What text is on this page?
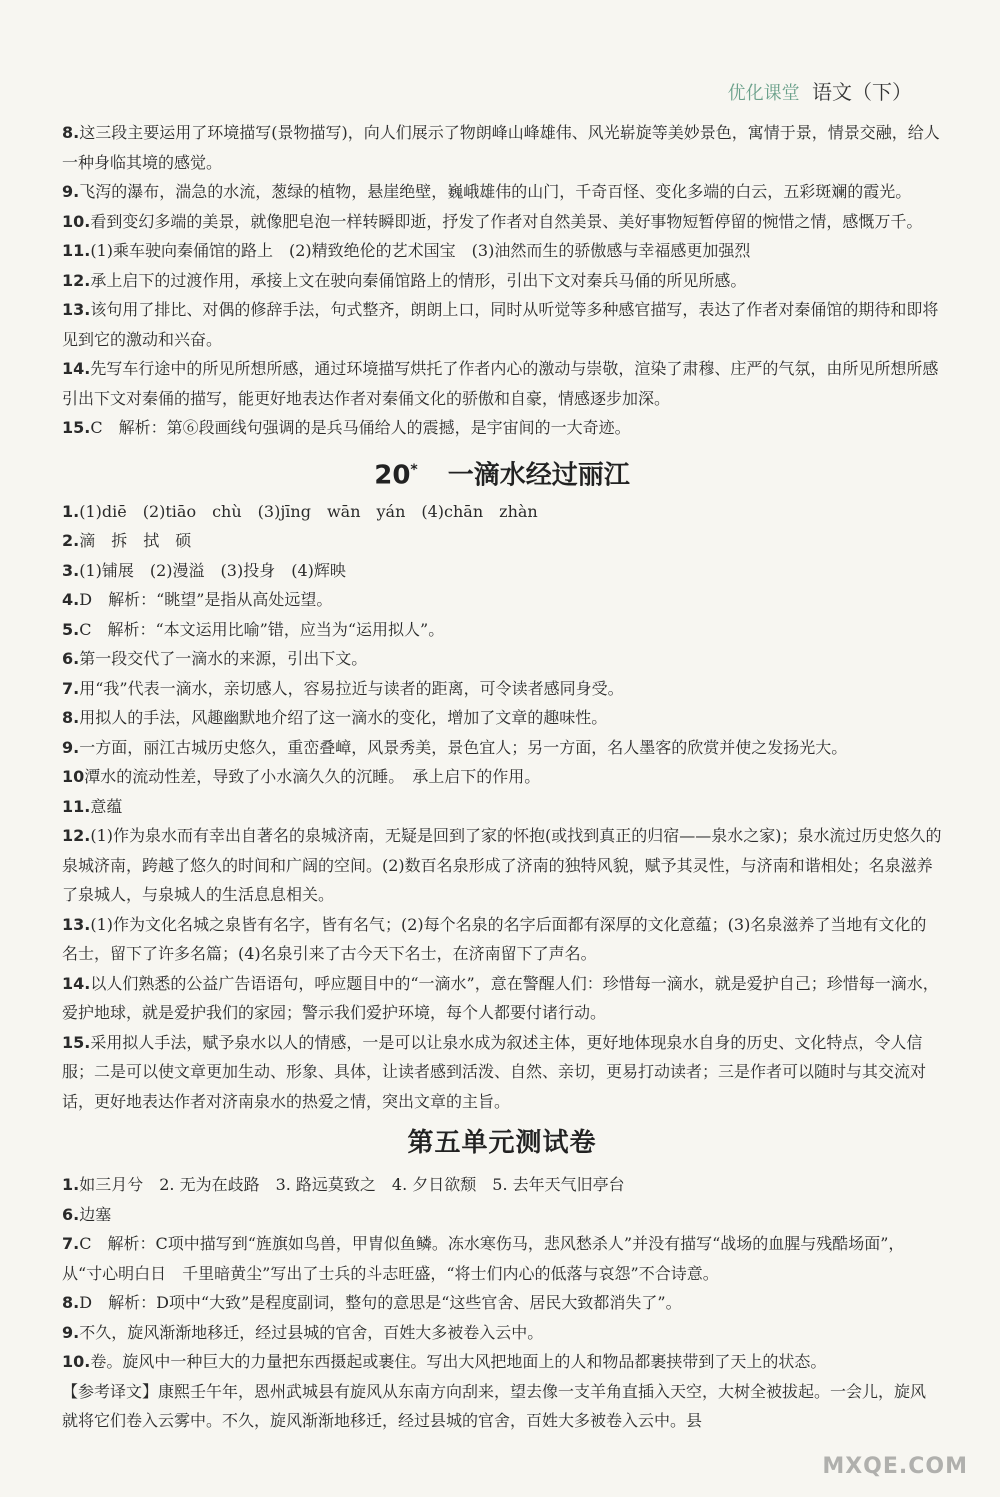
优化课堂 语文（下）

8.这三段主要运用了环境描写(景物描写)，向人们展示了物朗峰山峰雄伟、风光崭旋等美妙景色，寓情于景，情景交融，给人一种身临其境的感觉。

9.飞泻的瀑布，湍急的水流，葱绿的植物，悬崖绝壁，巍峨雄伟的山门，千奇百怪、变化多端的白云，五彩斑斓的霞光。

10.看到变幻多端的美景，就像肥皂泡一样转瞬即逝，抒发了作者对自然美景、美好事物短暂停留的惋惜之情，感慨万千。

11.(1)乘车驶向秦俑馆的路上　(2)精致绝伦的艺术国宝　(3)油然而生的骄傲感与幸福感更加强烈

12.承上启下的过渡作用，承接上文在驶向秦俑馆路上的情形，引出下文对秦兵马俑的所见所感。

13.该句用了排比、对偶的修辞手法，句式整齐，朗朗上口，同时从听觉等多种感官描写，表达了作者对秦俑馆的期待和即将见到它的激动和兴奋。

14.先写车行途中的所见所想所感，通过环境描写烘托了作者内心的激动与崇敬，渲染了肃穆、庄严的气氛，由所见所想所感引出下文对秦俑的描写，能更好地表达作者对秦俑文化的骄傲和自豪，情感逐步加深。

15.C　解析：第⑥段画线句强调的是兵马俑给人的震撼，是宇宙间的一大奇迹。

20* 一滴水经过丽江

1.(1)diē　(2)tiāo　chù　(3)jīng　wān　yán　(4)chān　zhàn

2.滴　拆　拭　硕

3.(1)铺展　(2)漫溢　(3)投身　(4)辉映

4.D　解析：“眺望”是指从高处远望。

5.C　解析：“本文运用比喻”错，应当为“运用拟人”。

6.第一段交代了一滴水的来源，引出下文。

7.用“我”代表一滴水，亲切感人，容易拉近与读者的距离，可令读者感同身受。

8.用拟人的手法，风趣幽默地介绍了这一滴水的变化，增加了文章的趣味性。

9.一方面，丽江古城历史悠久，重峦叠嶂，风景秀美，景色宜人；另一方面，名人墨客的欣赏并使之发扬光大。

10潭水的流动性差，导致了小水滴久久的沉睡。　承上启下的作用。

11.意蕴

12.(1)作为泉水而有幸出自著名的泉城济南，无疑是回到了家的怀抱(或找到真正的归宿——泉水之家)；泉水流过历史悠久的泉城济南，跨越了悠久的时间和广阔的空间。(2)数百名泉形成了济南的独特风貌，赋予其灵性，与济南和谐相处；名泉滋养了泉城人，与泉城人的生活息息相关。

13.(1)作为文化名城之泉皆有名字，皆有名气；(2)每个名泉的名字后面都有深厚的文化意蕴；(3)名泉滋养了当地有文化的名士，留下了许多名篇；(4)名泉引来了古今天下名士，在济南留下了声名。

14.以人们熟悉的公益广告语语句，呼应题目中的“一滴水”，意在警醒人们：珍惜每一滴水，就是爱护自己；珍惜每一滴水，爱护地球，就是爱护我们的家园；警示我们爱护环境，每个人都要付诸行动。

15.采用拟人手法，赋予泉水以人的情感，一是可以让泉水成为叙述主体，更好地体现泉水自身的历史、文化特点，令人信服；二是可以使文章更加生动、形象、具体，让读者感到活泼、自然、亲切，更易打动读者；三是作者可以随时与其交流对话，更好地表达作者对济南泉水的热爱之情，突出文章的主旨。

第五单元测试卷

1.如三月兮　2. 无为在歧路　3. 路远莫致之　4. 夕日欲颓　5. 去年天气旧亭台

6.边塞

7.C　解析：C项中描写到“旌旗如鸟兽，甲胄似鱼鳞。冻水寒伤马，悲风愁杀人”并没有描写“战场的血腥与残酷场面”，从“寸心明白日　千里暗黄尘”写出了士兵的斗志旺盛，“将士们内心的低落与哀怨”不合诗意。

8.D　解析：D项中“大致”是程度副词，整句的意思是“这些官舍、居民大致都消失了”。

9.不久，旋风渐渐地移迁，经过县城的官舍，百姓大多被卷入云中。

10.卷。旋风中一种巨大的力量把东西摄起或裹住。写出大风把地面上的人和物品都裹挟带到了天上的状态。

【参考译文】康熙壬午年，恩州武城县有旋风从东南方向刮来，望去像一支羊角直插入天空，大树全被拔起。一会儿，旋风就将它们卷入云雾中。不久，旋风渐渐地移迁，经过县城的官舍，百姓大多被卷入云中。县

MXQE.COM
